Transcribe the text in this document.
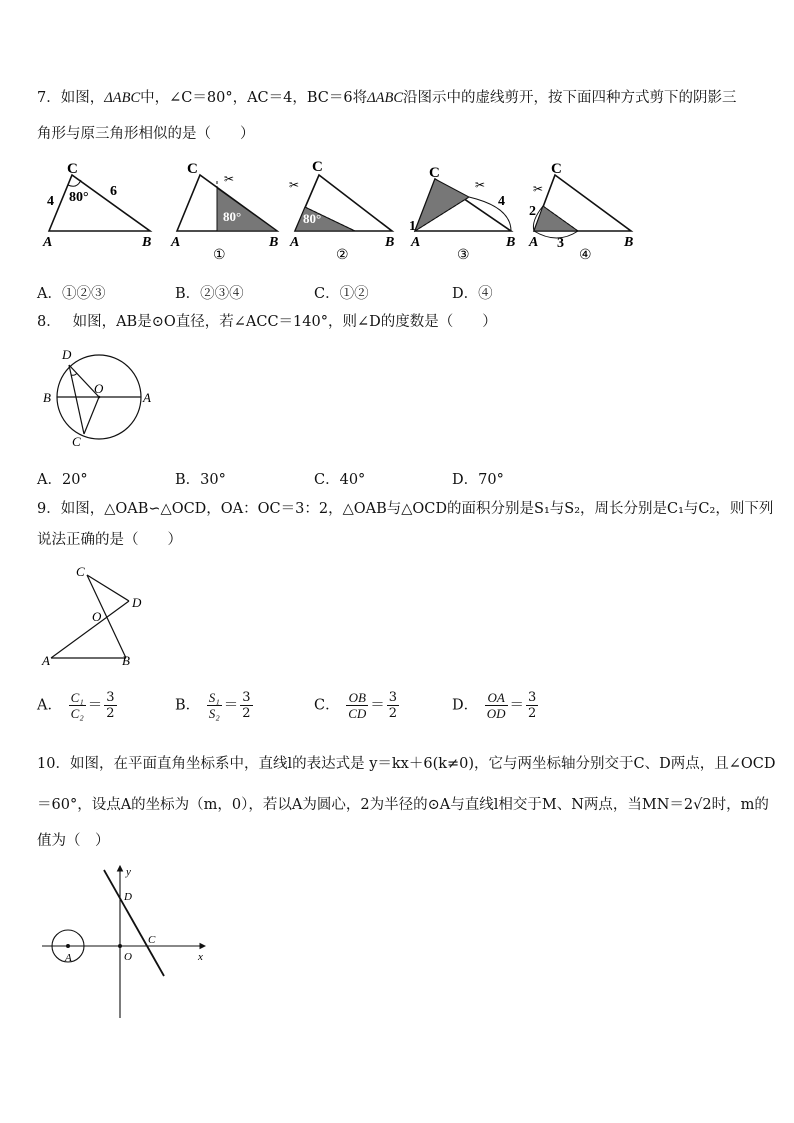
7．如图，ΔABC中，∠C＝80°，AC＝4，BC＝6将ΔABC沿图示中的虚线剪开，按下面四种方式剪下的阴影三
角形与原三角形相似的是（　　）
C
A	B
80°
4
6
80°
✂
C
A	B
①
80°
✂
C
A	B
②
✂
C
1
4
A	B
③
✂
C
2
3
A	B
④
A．①②③	B．②③④	C．①②	D．④
8．　 如图，AB是⊙O直径，若∠ACC＝140°，则∠D的度数是（　　）
D
B
O
A
C
A．20°	B．30°	C．40°	D．70°
9．如图，△OAB∽△OCD，OA：OC＝3：2，△OAB与△OCD的面积分别是S₁与S₂，周长分别是C₁与C₂，则下列
说法正确的是（　　）
C
D
O
A	B
A． $\frac{\text{C₁}}{\text{C₂}} = \frac{3}{2}$	B． $\frac{\text{S₁}}{\text{S₂}} = \frac{3}{2}$	C． $\frac{OB}{CD} = \frac{3}{2}$	D． $\frac{OA}{OD} = \frac{3}{2}$
10．如图，在平面直角坐标系中，直线l的表达式是 y＝kx＋6(k≠0)，它与两坐标轴分别交于C、D两点，且∠OCD
＝60°，设点A的坐标为（m，0），若以A为圆心，2为半径的⊙A与直线l相交于M、N两点，当MN＝2√2时，m的
值为（　）
y
D
C
O
A	x
